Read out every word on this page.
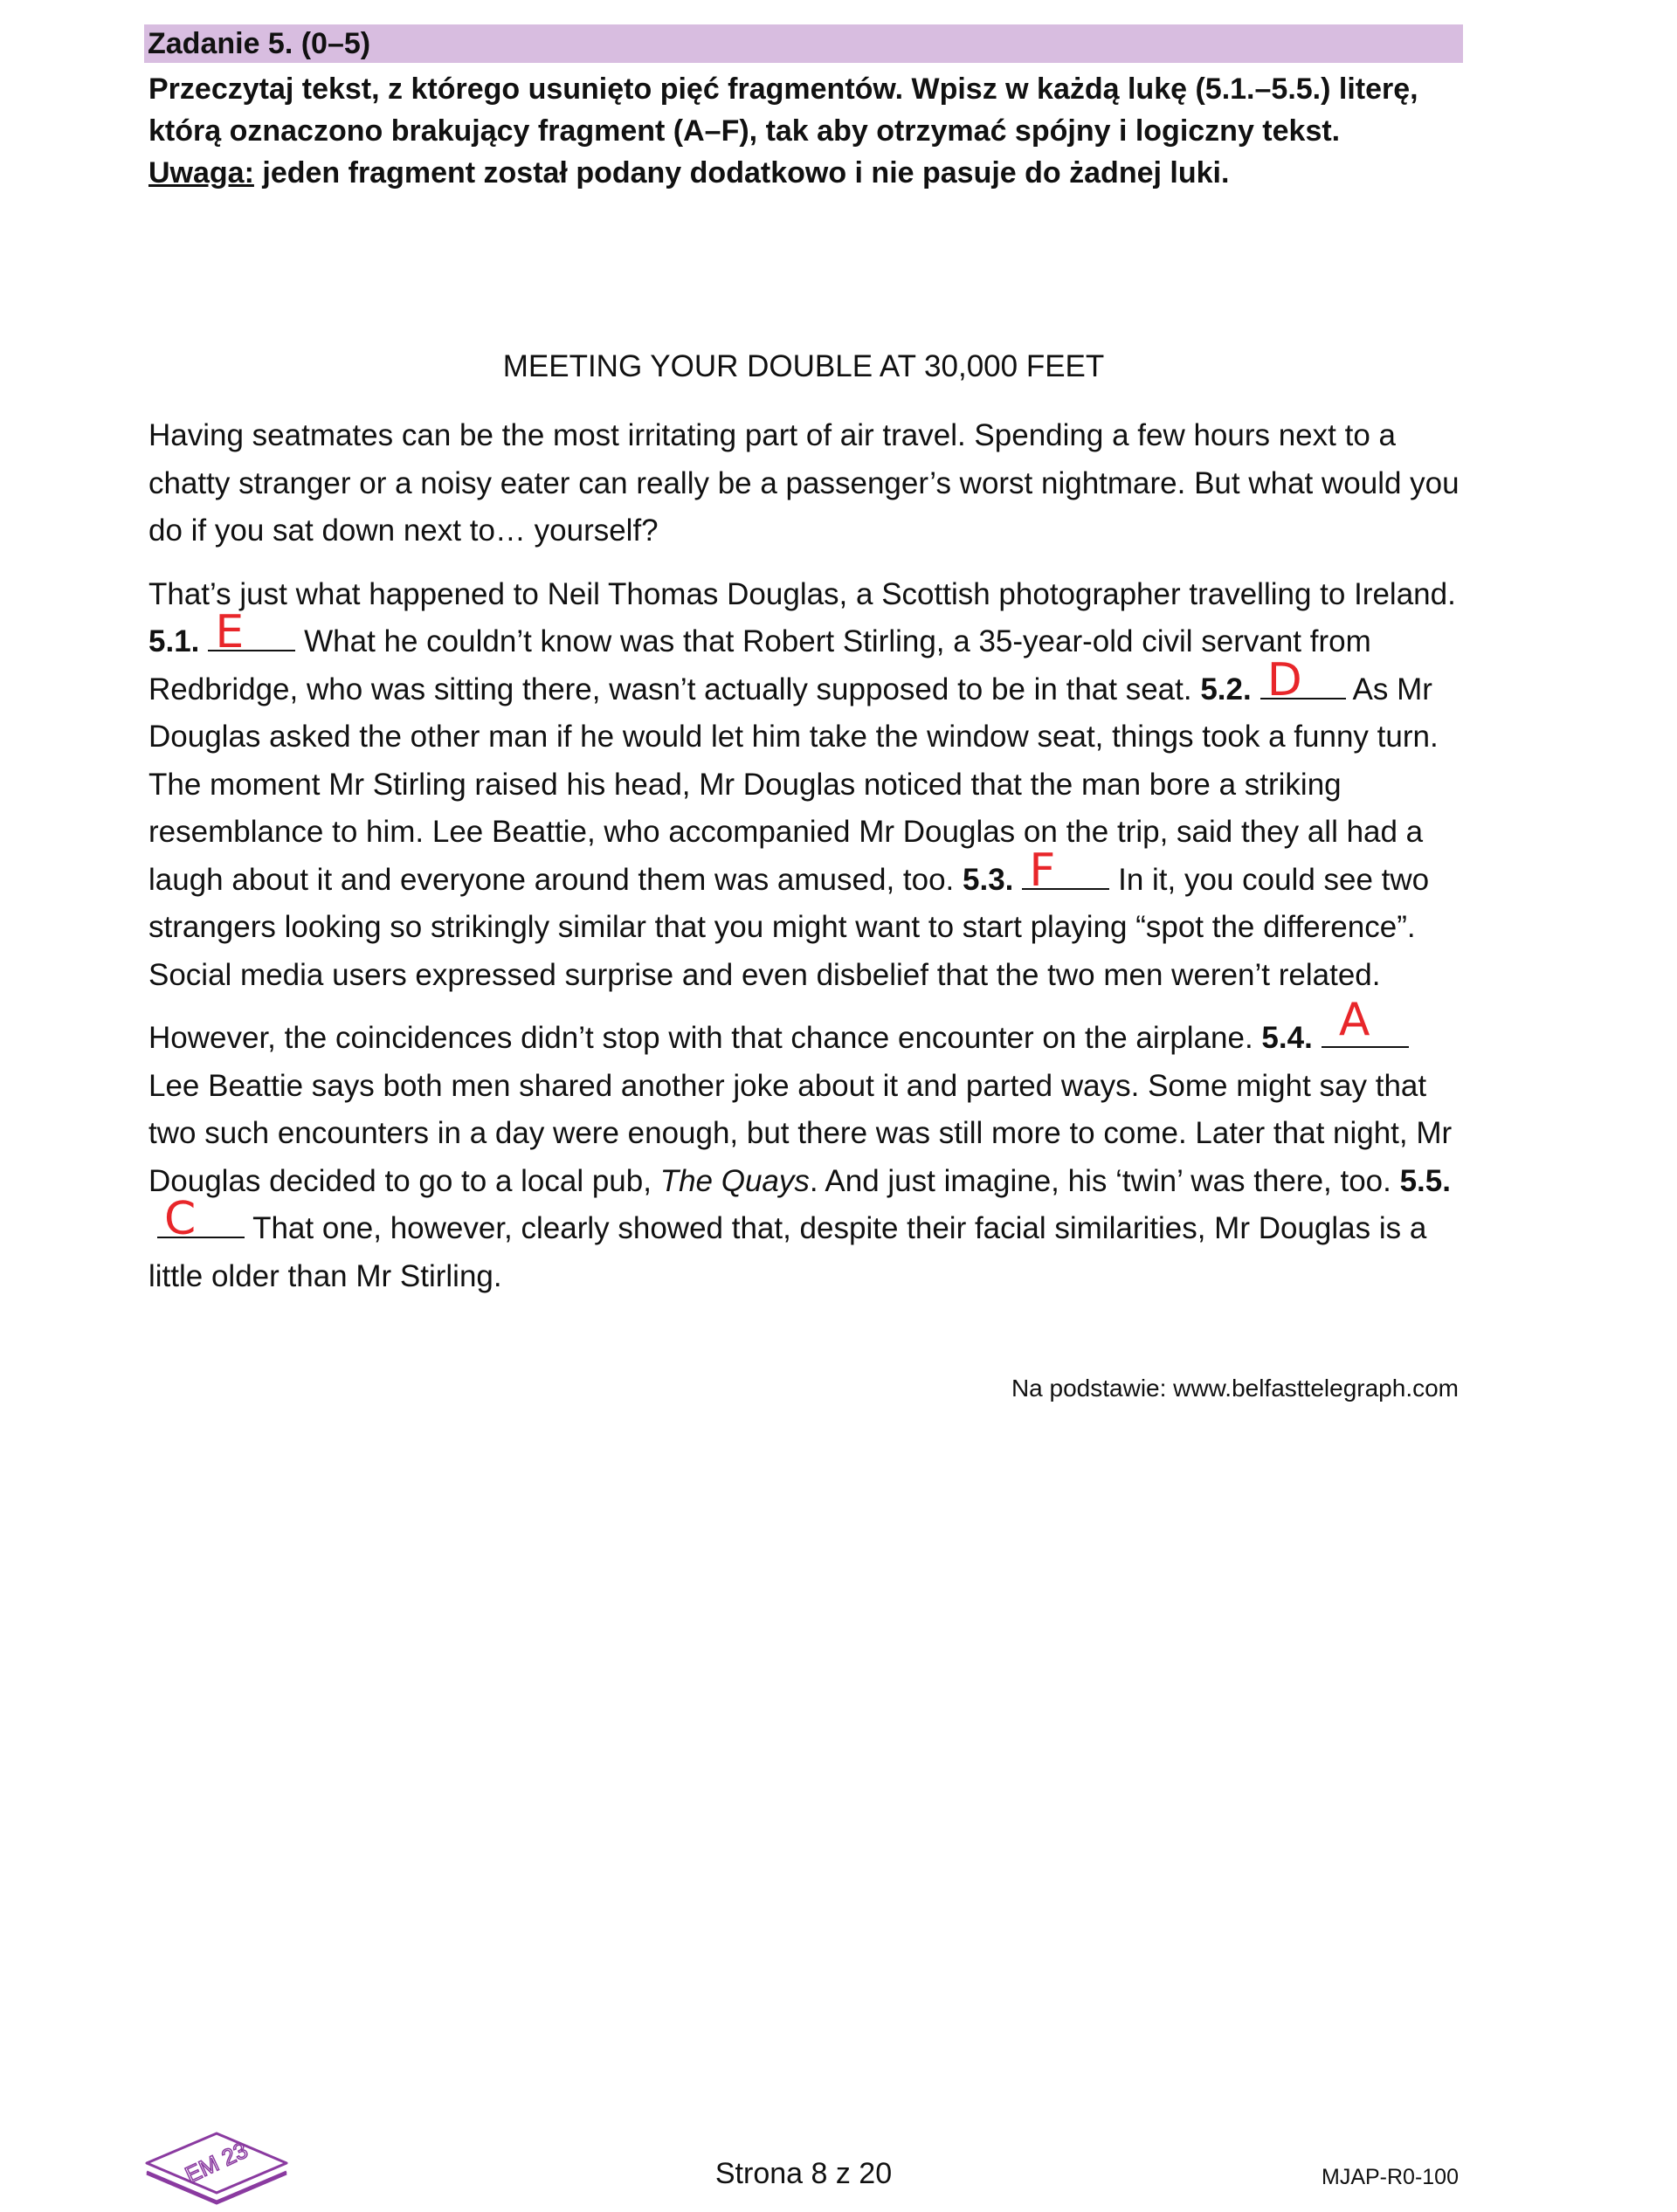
Zadanie 5. (0–5)
Przeczytaj tekst, z którego usunięto pięć fragmentów. Wpisz w każdą lukę (5.1.–5.5.) literę, którą oznaczono brakujący fragment (A–F), tak aby otrzymać spójny i logiczny tekst.
Uwaga: jeden fragment został podany dodatkowo i nie pasuje do żadnej luki.
MEETING YOUR DOUBLE AT 30,000 FEET

Having seatmates can be the most irritating part of air travel. Spending a few hours next to a chatty stranger or a noisy eater can really be a passenger’s worst nightmare. But what would you do if you sat down next to… yourself?

That’s just what happened to Neil Thomas Douglas, a Scottish photographer travelling to Ireland. 5.1. E What he couldn’t know was that Robert Stirling, a 35-year-old civil servant from Redbridge, who was sitting there, wasn’t actually supposed to be in that seat. 5.2. D As Mr Douglas asked the other man if he would let him take the window seat, things took a funny turn. The moment Mr Stirling raised his head, Mr Douglas noticed that the man bore a striking resemblance to him. Lee Beattie, who accompanied Mr Douglas on the trip, said they all had a laugh about it and everyone around them was amused, too. 5.3. F In it, you could see two strangers looking so strikingly similar that you might want to start playing “spot the difference”. Social media users expressed surprise and even disbelief that the two men weren’t related.

However, the coincidences didn’t stop with that chance encounter on the airplane. 5.4. A
Lee Beattie says both men shared another joke about it and parted ways. Some might say that two such encounters in a day were enough, but there was still more to come. Later that night, Mr Douglas decided to go to a local pub, The Quays. And just imagine, his ‘twin’ was there, too. 5.5.
C That one, however, clearly showed that, despite their facial similarities, Mr Douglas is a little older than Mr Stirling.

Na podstawie: www.belfasttelegraph.com
EM 23	Strona 8 z 20	MJAP-R0-100
